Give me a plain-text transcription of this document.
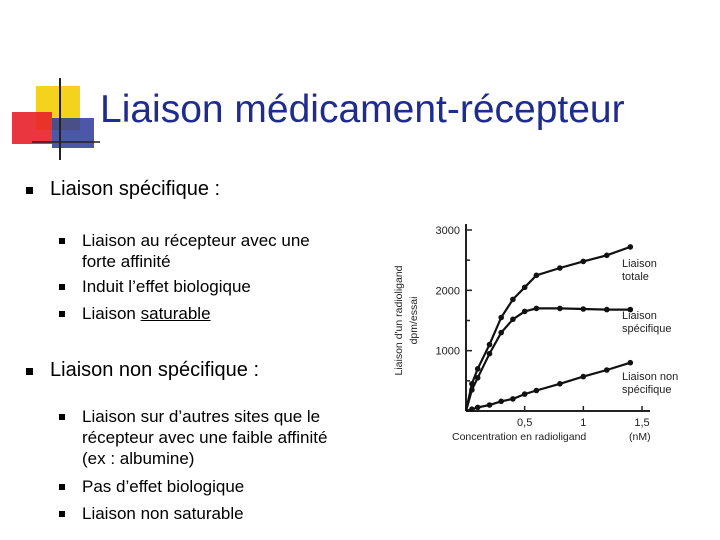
Liaison médicament-récepteur
Liaison spécifique :
Liaison au récepteur avec une
forte affinité
Induit l’effet biologique
Liaison saturable
Liaison non spécifique :
Liaison sur d’autres sites que le
récepteur avec une faible affinité
(ex : albumine)
Pas d’effet biologique
Liaison non saturable
1000
2000
3000
0,5	1	1,5
Concentration en radioligand	(nM)
Liaison d'un radioligand dpm/essai
Liaison
totale
Liaison
spécifique
Liaison non
spécifique
